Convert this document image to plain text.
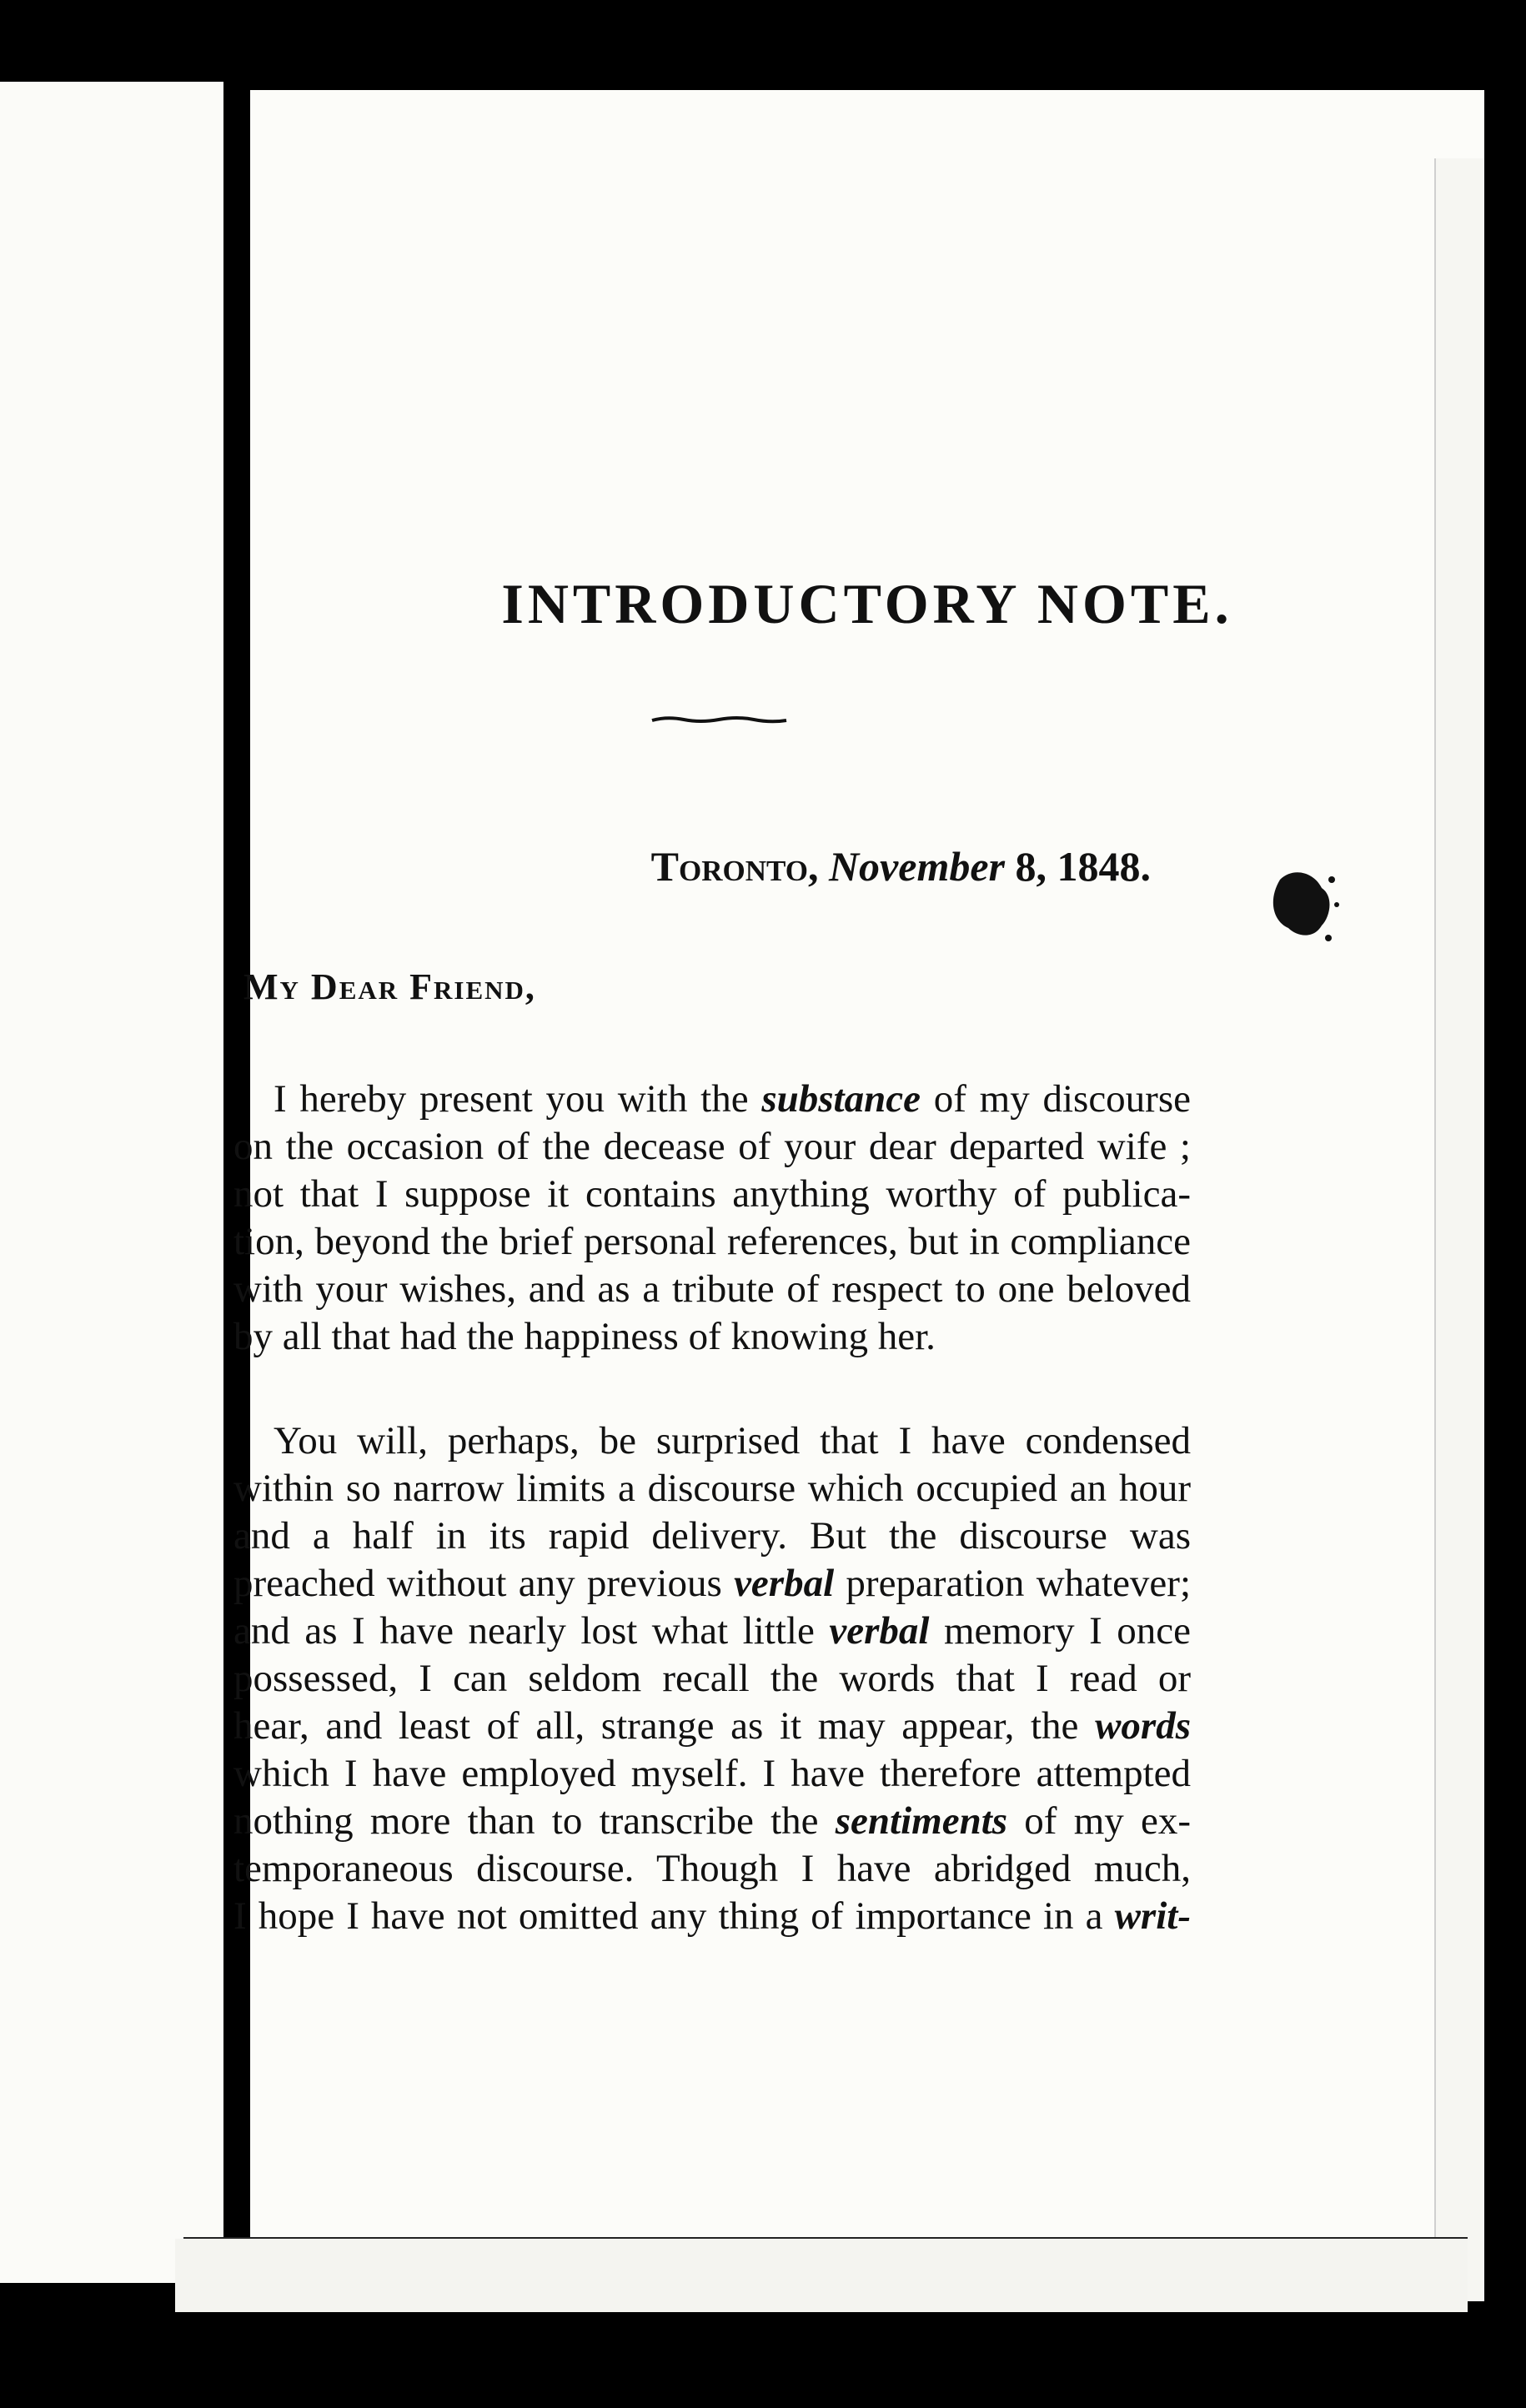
INTRODUCTORY NOTE.

Toronto, November 8, 1848.

My Dear Friend,

I hereby present you with the substance of my discourse
on the occasion of the decease of your dear departed wife ;
not that I suppose it contains anything worthy of publica-
tion, beyond the brief personal references, but in compliance
with your wishes, and as a tribute of respect to one beloved
by all that had the happiness of knowing her.
You will, perhaps, be surprised that I have condensed
within so narrow limits a discourse which occupied an hour
and a half in its rapid delivery. But the discourse was
preached without any previous verbal preparation whatever;
and as I have nearly lost what little verbal memory I once
possessed, I can seldom recall the words that I read or
hear, and least of all, strange as it may appear, the words
which I have employed myself. I have therefore attempted
nothing more than to transcribe the sentiments of my ex-
temporaneous discourse. Though I have abridged much,
I hope I have not omitted any thing of importance in a writ-
